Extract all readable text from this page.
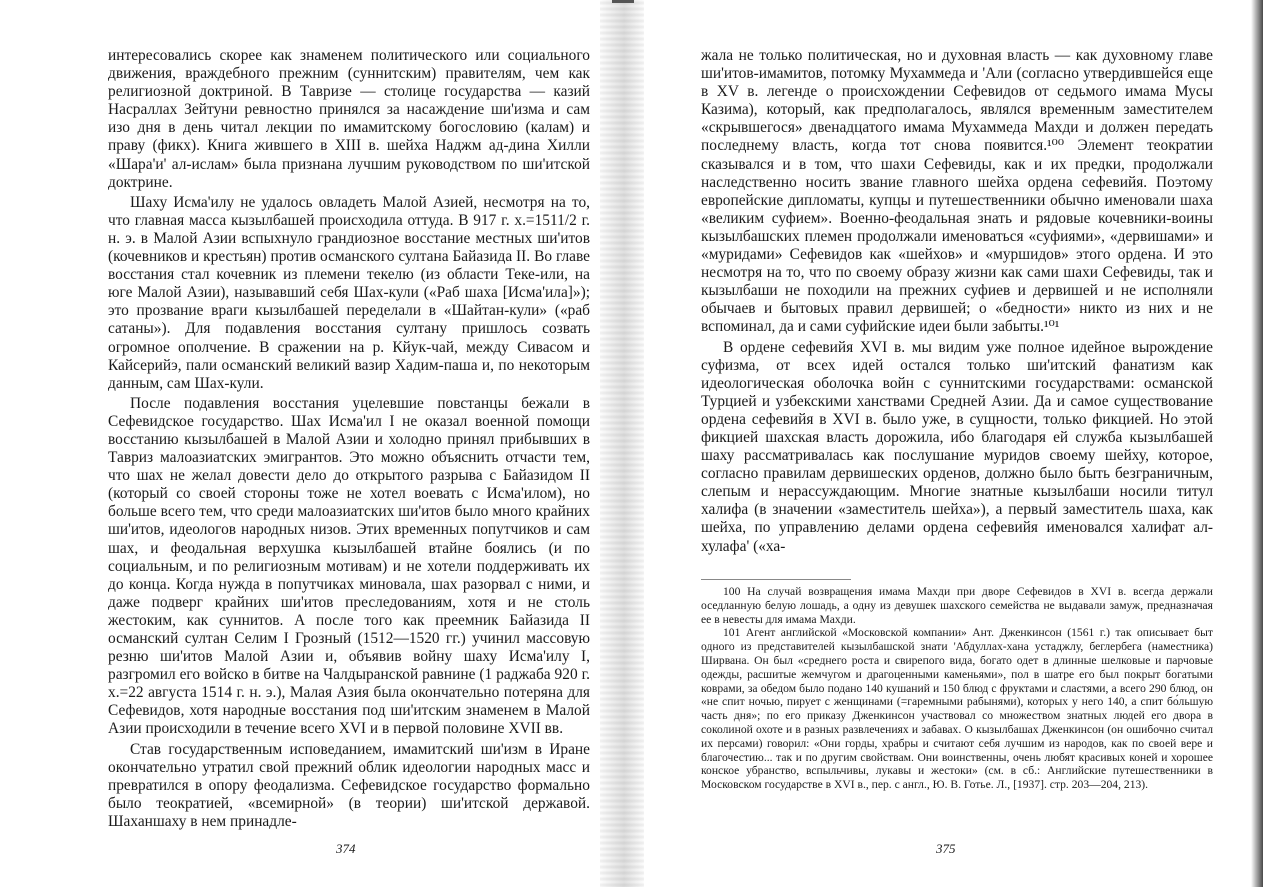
интересовались скорее как знаменем политического или социального движения, враждебного прежним (суннитским) правителям, чем как религиозной доктриной. В Тавризе — столице государства — казий Насраллах Зейтуни ревностно принялся за насаждение ши'изма и сам изо дня в день читал лекции по имамитскому богословию (калам) и праву (фикх). Книга жившего в XIII в. шейха Наджм ад-дина Хилли «Шара'и' ал-ислам» была признана лучшим руководством по ши'итской доктрине.

Шаху Исма'илу не удалось овладеть Малой Азией, несмотря на то, что главная масса кызылбашей происходила оттуда. В 917 г. х.=1511/2 г. н. э. в Малой Азии вспыхнуло грандиозное восстание местных ши'итов (кочевников и крестьян) против османского султана Байазида II. Во главе восстания стал кочевник из племени текелю (из области Теке-или, на юге Малой Азии), называвший себя Шах-кули («Раб шаха [Исма'ила]»); это прозвание враги кызылбашей переделали в «Шайтан-кули» («раб сатаны»). Для подавления восстания султану пришлось созвать огромное ополчение. В сражении на р. Кйук-чай, между Сивасом и Кайсерийэ, пали османский великий вазир Хадим-паша и, по некоторым данным, сам Шах-кули.

После подавления восстания уцелевшие повстанцы бежали в Сефевидское государство. Шах Исма'ил I не оказал военной помощи восстанию кызылбашей в Малой Азии и холодно принял прибывших в Тавриз малоазиатских эмигрантов. Это можно объяснить отчасти тем, что шах не желал довести дело до открытого разрыва с Байазидом II (который со своей стороны тоже не хотел воевать с Исма'илом), но больше всего тем, что среди малоазиатских ши'итов было много крайних ши'итов, идеологов народных низов. Этих временных попутчиков и сам шах, и феодальная верхушка кызылбашей втайне боялись (и по социальным, и по религиозным мотивам) и не хотели поддерживать их до конца. Когда нужда в попутчиках миновала, шах разорвал с ними, и даже подверг крайних ши'итов преследованиям, хотя и не столь жестоким, как суннитов. А после того как преемник Байазида II османский султан Селим I Грозный (1512—1520 гг.) учинил массовую резню ши'итов Малой Азии и, объявив войну шаху Исма'илу I, разгромил его войско в битве на Чалдыранской равнине (1 раджаба 920 г. х.=22 августа 1514 г. н. э.), Малая Азия была окончательно потеряна для Сефевидов, хотя народные восстания под ши'итским знаменем в Малой Азии происходили в течение всего XVI и в первой половине XVII вв.

Став государственным исповеданием, имамитский ши'изм в Иране окончательно утратил свой прежний облик идеологии народных масс и превратился в опору феодализма. Сефевидское государство формально было теократией, «всемирной» (в теории) ши'итской державой. Шаханшаху в нем принадле-

374

жала не только политическая, но и духовная власть — как духовному главе ши'итов-имамитов, потомку Мухаммеда и 'Али (согласно утвердившейся еще в XV в. легенде о происхождении Сефевидов от седьмого имама Мусы Казима), который, как предполагалось, являлся временным заместителем «скрывшегося» двенадцатого имама Мухаммеда Махди и должен передать последнему власть, когда тот снова появится.¹⁰⁰ Элемент теократии сказывался и в том, что шахи Сефевиды, как и их предки, продолжали наследственно носить звание главного шейха ордена сефевийя. Поэтому европейские дипломаты, купцы и путешественники обычно именовали шаха «великим суфием». Военно-феодальная знать и рядовые кочевники-воины кызылбашских племен продолжали именоваться «суфиями», «дервишами» и «муридами» Сефевидов как «шейхов» и «муршидов» этого ордена. И это несмотря на то, что по своему образу жизни как сами шахи Сефевиды, так и кызылбаши не походили на прежних суфиев и дервишей и не исполняли обычаев и бытовых правил дервишей; о «бедности» никто из них и не вспоминал, да и сами суфийские идеи были забыты.¹⁰¹

В ордене сефевийя XVI в. мы видим уже полное идейное вырождение суфизма, от всех идей остался только ши'итский фанатизм как идеологическая оболочка войн с суннитскими государствами: османской Турцией и узбекскими ханствами Средней Азии. Да и самое существование ордена сефевийя в XVI в. было уже, в сущности, только фикцией. Но этой фикцией шахская власть дорожила, ибо благодаря ей служба кызылбашей шаху рассматривалась как послушание муридов своему шейху, которое, согласно правилам дервишеских орденов, должно было быть безграничным, слепым и нерассуждающим. Многие знатные кызылбаши носили титул халифа (в значении «заместитель шейха»), а первый заместитель шаха, как шейха, по управлению делами ордена сефевийя именовался халифат ал-хулафа' («ха-

100 На случай возвращения имама Махди при дворе Сефевидов в XVI в. всегда держали оседланную белую лошадь, а одну из девушек шахского семейства не выдавали замуж, предназначая ее в невесты для имама Махди.

101 Агент английской «Московской компании» Ант. Дженкинсон (1561 г.) так описывает быт одного из представителей кызылбашской знати 'Абдуллах-хана устаджлу, беглербега (наместника) Ширвана. Он был «среднего роста и свирепого вида, богато одет в длинные шелковые и парчовые одежды, расшитые жемчугом и драгоценными каменьями», пол в шатре его был покрыт богатыми коврами, за обедом было подано 140 кушаний и 150 блюд с фруктами и сластями, а всего 290 блюд, он «не спит ночью, пирует с женщинами (=гаремными рабынями), которых у него 140, а спит бо́льшую часть дня»; по его приказу Дженкинсон участвовал со множеством знатных людей его двора в соколиной охоте и в разных развлечениях и забавах. О кызылбашах Дженкинсон (он ошибочно считал их персами) говорил: «Они горды, храбры и считают себя лучшим из народов, как по своей вере и благочестию... так и по другим свойствам. Они воинственны, очень любят красивых коней и хорошее конское убранство, вспыльчивы, лукавы и жестоки» (см. в сб.: Английские путешественники в Московском государстве в XVI в., пер. с англ., Ю. В. Готье. Л., [1937]. стр. 203—204, 213).

375
